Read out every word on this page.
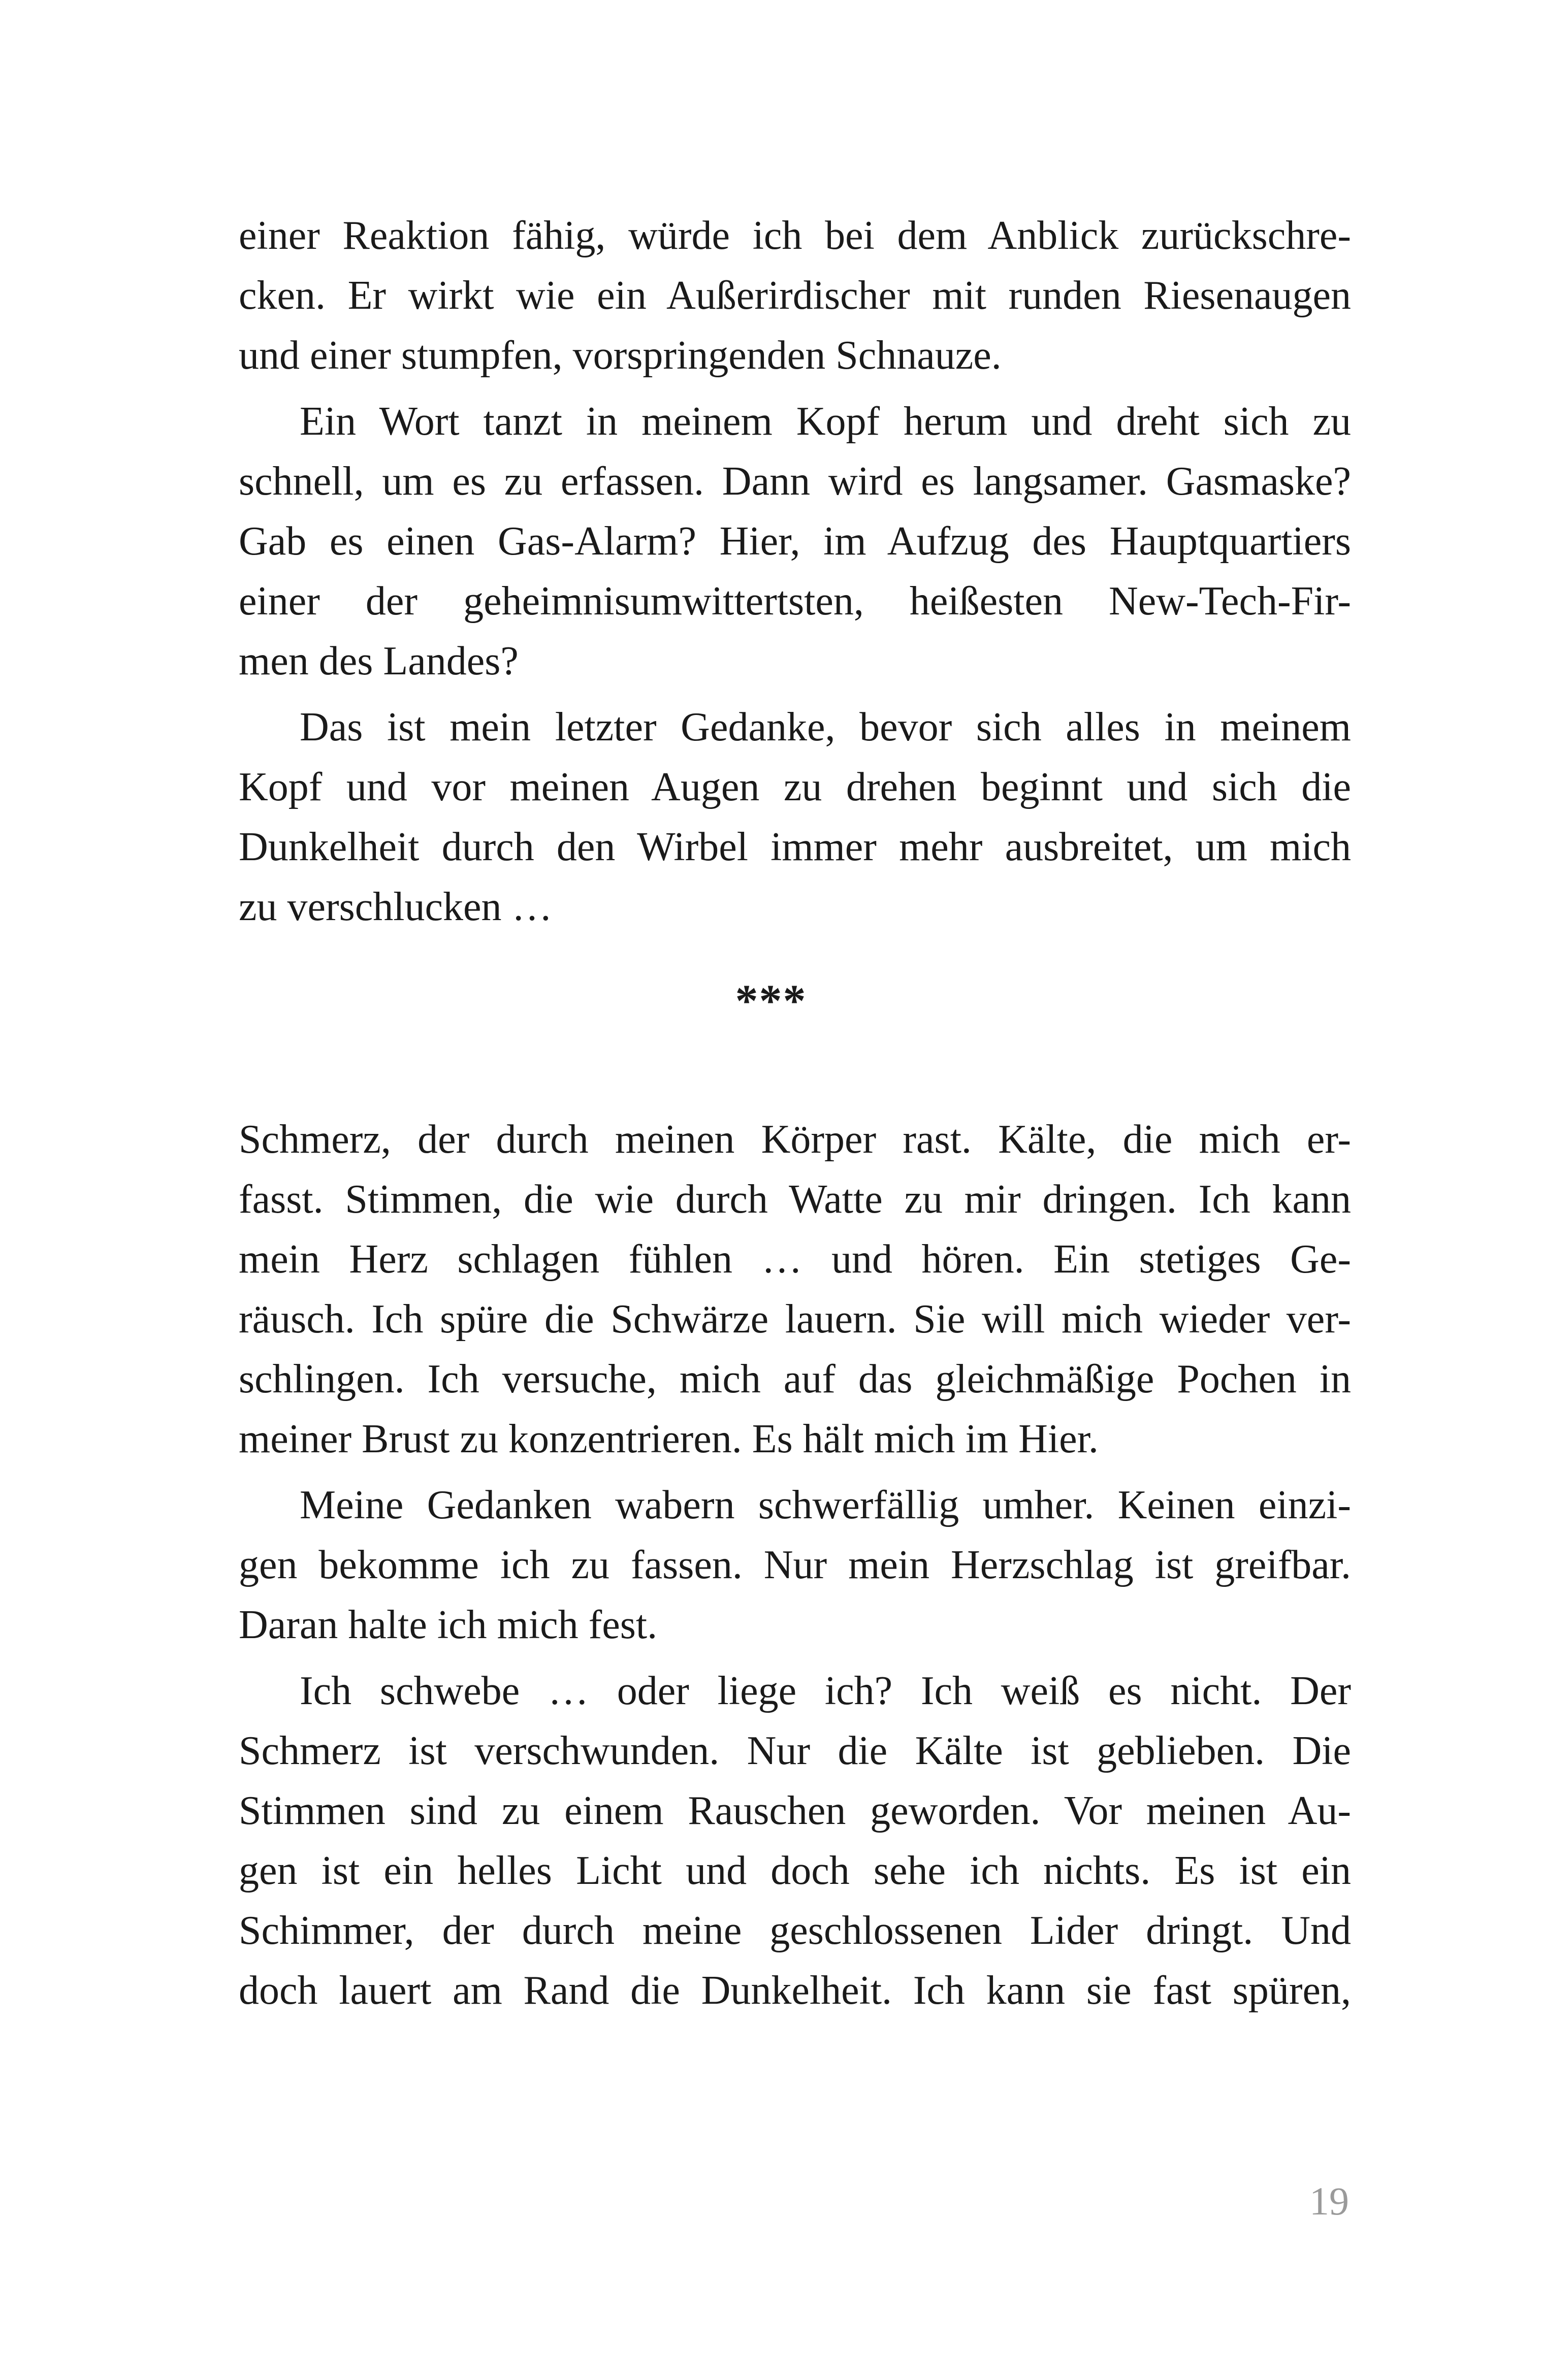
einer Reaktion fähig, würde ich bei dem Anblick zurückschre-
cken. Er wirkt wie ein Außerirdischer mit runden Riesenaugen
und einer stumpfen, vorspringenden Schnauze.
Ein Wort tanzt in meinem Kopf herum und dreht sich zu
schnell, um es zu erfassen. Dann wird es langsamer. Gasmaske?
Gab es einen Gas-Alarm? Hier, im Aufzug des Hauptquartiers
einer der geheimnisumwittertsten, heißesten New-Tech-Fir-
men des Landes?
Das ist mein letzter Gedanke, bevor sich alles in meinem
Kopf und vor meinen Augen zu drehen beginnt und sich die
Dunkelheit durch den Wirbel immer mehr ausbreitet, um mich
zu verschlucken …
***
Schmerz, der durch meinen Körper rast. Kälte, die mich er-
fasst. Stimmen, die wie durch Watte zu mir dringen. Ich kann
mein Herz schlagen fühlen … und hören. Ein stetiges Ge-
räusch. Ich spüre die Schwärze lauern. Sie will mich wieder ver-
schlingen. Ich versuche, mich auf das gleichmäßige Pochen in
meiner Brust zu konzentrieren. Es hält mich im Hier.
Meine Gedanken wabern schwerfällig umher. Keinen einzi-
gen bekomme ich zu fassen. Nur mein Herzschlag ist greifbar.
Daran halte ich mich fest.
Ich schwebe … oder liege ich? Ich weiß es nicht. Der
Schmerz ist verschwunden. Nur die Kälte ist geblieben. Die
Stimmen sind zu einem Rauschen geworden. Vor meinen Au-
gen ist ein helles Licht und doch sehe ich nichts. Es ist ein
Schimmer, der durch meine geschlossenen Lider dringt. Und
doch lauert am Rand die Dunkelheit. Ich kann sie fast spüren,
19
